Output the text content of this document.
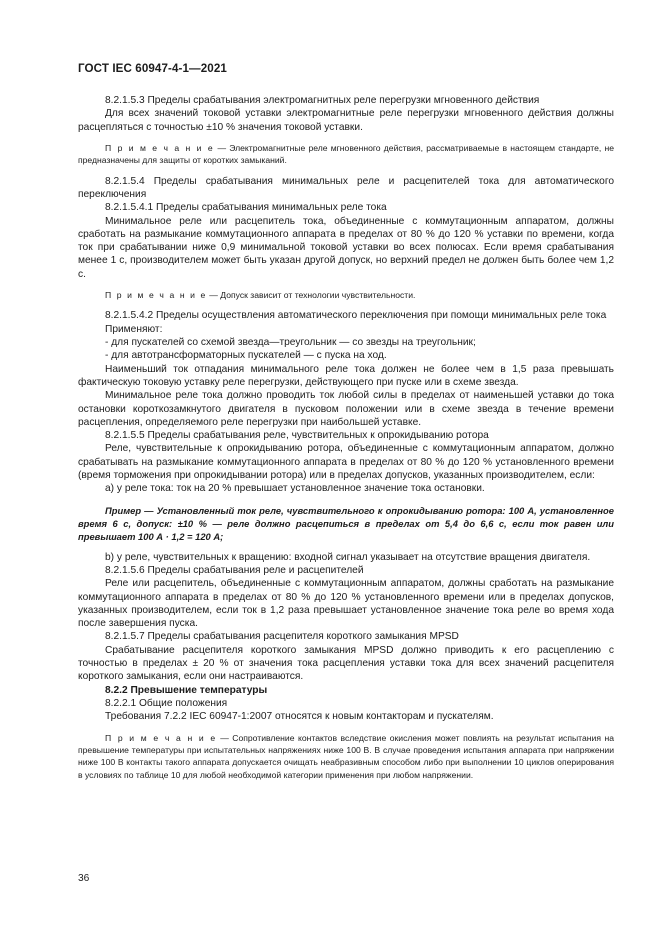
ГОСТ IEC 60947-4-1—2021

8.2.1.5.3 Пределы срабатывания электромагнитных реле перегрузки мгновенного действия

Для всех значений токовой уставки электромагнитные реле перегрузки мгновенного действия должны расцепляться с точностью ±10 % значения токовой уставки.

П р и м е ч а н и е — Электромагнитные реле мгновенного действия, рассматриваемые в настоящем стандарте, не предназначены для защиты от коротких замыканий.

8.2.1.5.4 Пределы срабатывания минимальных реле и расцепителей тока для автоматического переключения

8.2.1.5.4.1 Пределы срабатывания минимальных реле тока

Минимальное реле или расцепитель тока, объединенные с коммутационным аппаратом, должны сработать на размыкание коммутационного аппарата в пределах от 80 % до 120 % уставки по времени, когда ток при срабатывании ниже 0,9 минимальной токовой уставки во всех полюсах. Если время срабатывания менее 1 с, производителем может быть указан другой допуск, но верхний предел не должен быть более чем 1,2 с.

П р и м е ч а н и е — Допуск зависит от технологии чувствительности.

8.2.1.5.4.2 Пределы осуществления автоматического переключения при помощи минимальных реле тока

Применяют:

- для пускателей со схемой звезда—треугольник — со звезды на треугольник;

- для автотрансформаторных пускателей — с пуска на ход.

Наименьший ток отпадания минимального реле тока должен не более чем в 1,5 раза превышать фактическую токовую уставку реле перегрузки, действующего при пуске или в схеме звезда.

Минимальное реле тока должно проводить ток любой силы в пределах от наименьшей уставки до тока остановки короткозамкнутого двигателя в пусковом положении или в схеме звезда в течение времени расцепления, определяемого реле перегрузки при наибольшей уставке.

8.2.1.5.5 Пределы срабатывания реле, чувствительных к опрокидыванию ротора

Реле, чувствительные к опрокидыванию ротора, объединенные с коммутационным аппаратом, должно срабатывать на размыкание коммутационного аппарата в пределах от 80 % до 120 % установленного времени (время торможения при опрокидывании ротора) или в пределах допусков, указанных производителем, если:

а) у реле тока: ток на 20 % превышает установленное значение тока остановки.

Пример — Установленный ток реле, чувствительного к опрокидыванию ротора: 100 А, установленное время 6 с, допуск: ±10 % — реле должно расцепиться в пределах от 5,4 до 6,6 с, если ток равен или превышает 100 А · 1,2 = 120 А;

b) у реле, чувствительных к вращению: входной сигнал указывает на отсутствие вращения двигателя.

8.2.1.5.6 Пределы срабатывания реле и расцепителей

Реле или расцепитель, объединенные с коммутационным аппаратом, должны сработать на размыкание коммутационного аппарата в пределах от 80 % до 120 % установленного времени или в пределах допусков, указанных производителем, если ток в 1,2 раза превышает установленное значение тока реле во время хода после завершения пуска.

8.2.1.5.7 Пределы срабатывания расцепителя короткого замыкания MPSD

Срабатывание расцепителя короткого замыкания MPSD должно приводить к его расцеплению с точностью в пределах ± 20 % от значения тока расцепления уставки тока для всех значений расцепителя короткого замыкания, если они настраиваются.

8.2.2 Превышение температуры

8.2.2.1 Общие положения

Требования 7.2.2 IEC 60947-1:2007 относятся к новым контакторам и пускателям.

П р и м е ч а н и е — Сопротивление контактов вследствие окисления может повлиять на результат испытания на превышение температуры при испытательных напряжениях ниже 100 В. В случае проведения испытания аппарата при напряжении ниже 100 В контакты такого аппарата допускается очищать неабразивным способом либо при выполнении 10 циклов оперирования в условиях по таблице 10 для любой необходимой категории применения при любом напряжении.

36
